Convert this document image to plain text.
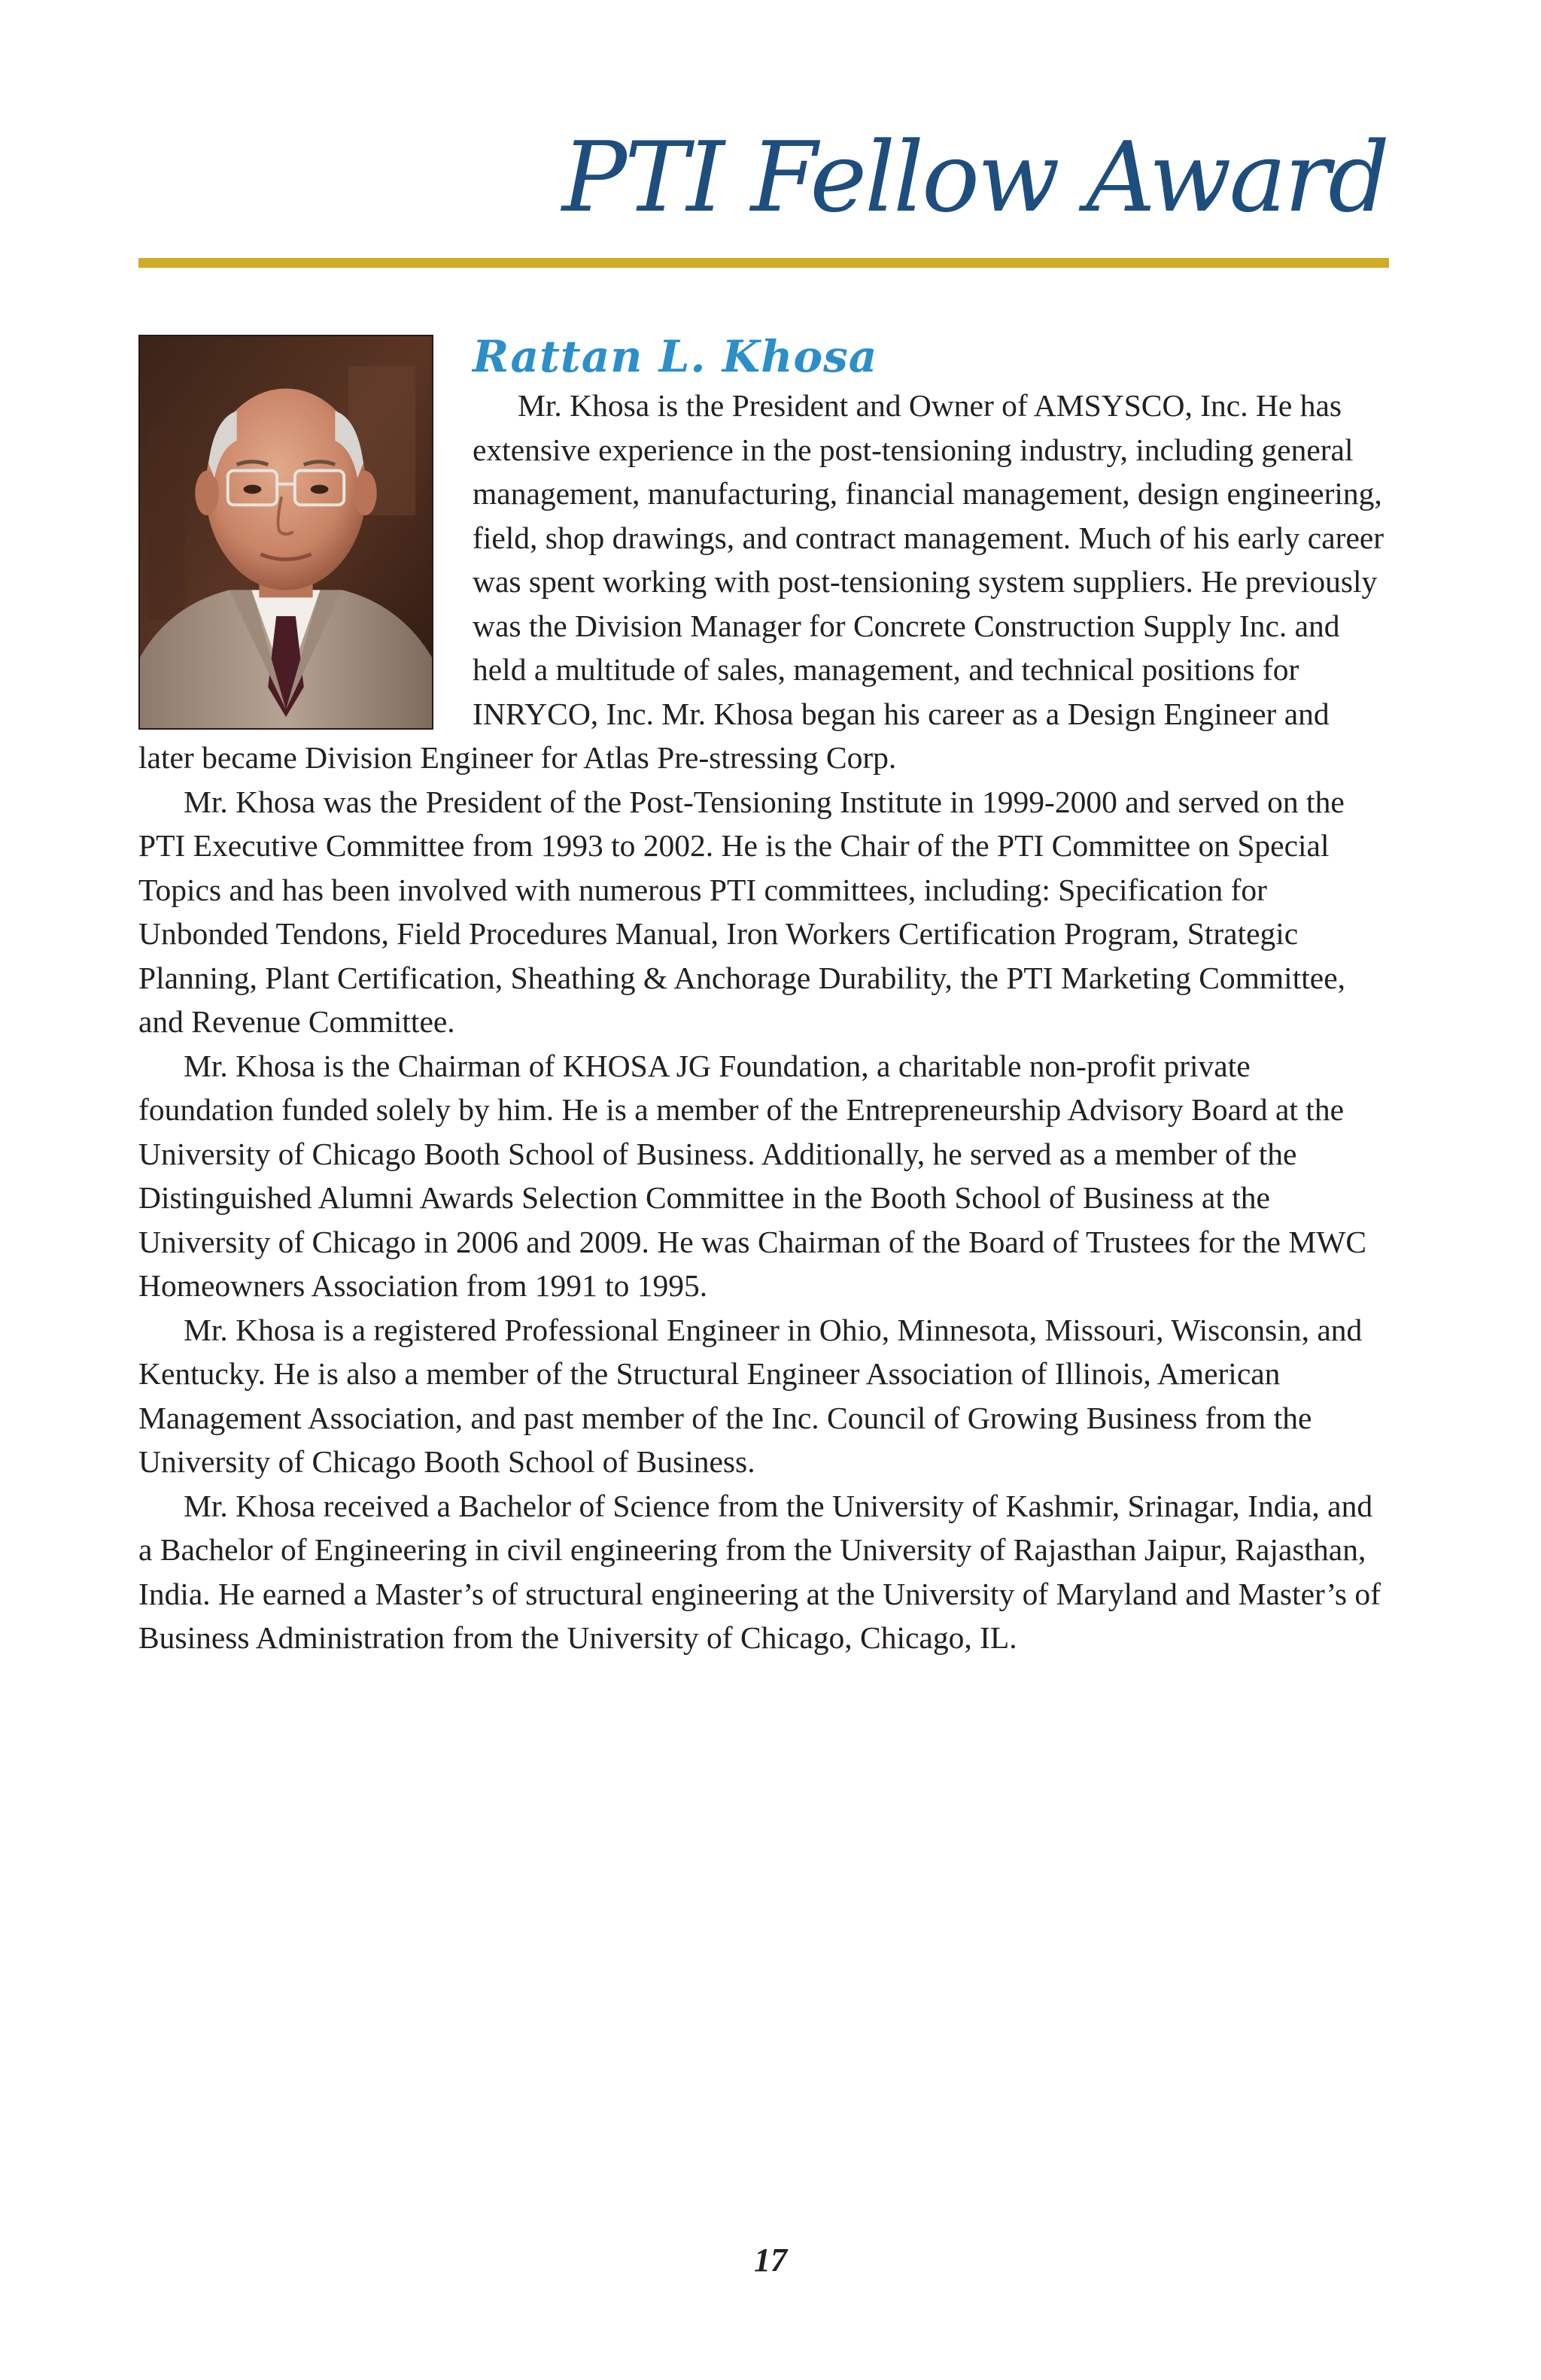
PTI Fellow Award
Rattan L. Khosa

Mr. Khosa is the President and Owner of AMSYSCO, Inc. He has extensive experience in the post-tensioning industry, including general management, manufacturing, financial management, design engineering, field, shop drawings, and contract management. Much of his early career was spent working with post-tensioning system suppliers. He previously was the Division Manager for Concrete Construction Supply Inc. and held a multitude of sales, management, and technical positions for INRYCO, Inc. Mr. Khosa began his career as a Design Engineer and later became Division Engineer for Atlas Pre-stressing Corp.

Mr. Khosa was the President of the Post-Tensioning Institute in 1999-2000 and served on the PTI Executive Committee from 1993 to 2002. He is the Chair of the PTI Committee on Special Topics and has been involved with numerous PTI committees, including: Specification for Unbonded Tendons, Field Procedures Manual, Iron Workers Certification Program, Strategic Planning, Plant Certification, Sheathing & Anchorage Durability, the PTI Marketing Committee, and Revenue Committee.

Mr. Khosa is the Chairman of KHOSA JG Foundation, a charitable non-profit private foundation funded solely by him. He is a member of the Entrepreneurship Advisory Board at the University of Chicago Booth School of Business. Additionally, he served as a member of the Distinguished Alumni Awards Selection Committee in the Booth School of Business at the University of Chicago in 2006 and 2009. He was Chairman of the Board of Trustees for the MWC Homeowners Association from 1991 to 1995.

Mr. Khosa is a registered Professional Engineer in Ohio, Minnesota, Missouri, Wisconsin, and Kentucky. He is also a member of the Structural Engineer Association of Illinois, American Management Association, and past member of the Inc. Council of Growing Business from the University of Chicago Booth School of Business.

Mr. Khosa received a Bachelor of Science from the University of Kashmir, Srinagar, India, and a Bachelor of Engineering in civil engineering from the University of Rajasthan Jaipur, Rajasthan, India. He earned a Master’s of structural engineering at the University of Maryland and Master’s of Business Administration from the University of Chicago, Chicago, IL.

17
